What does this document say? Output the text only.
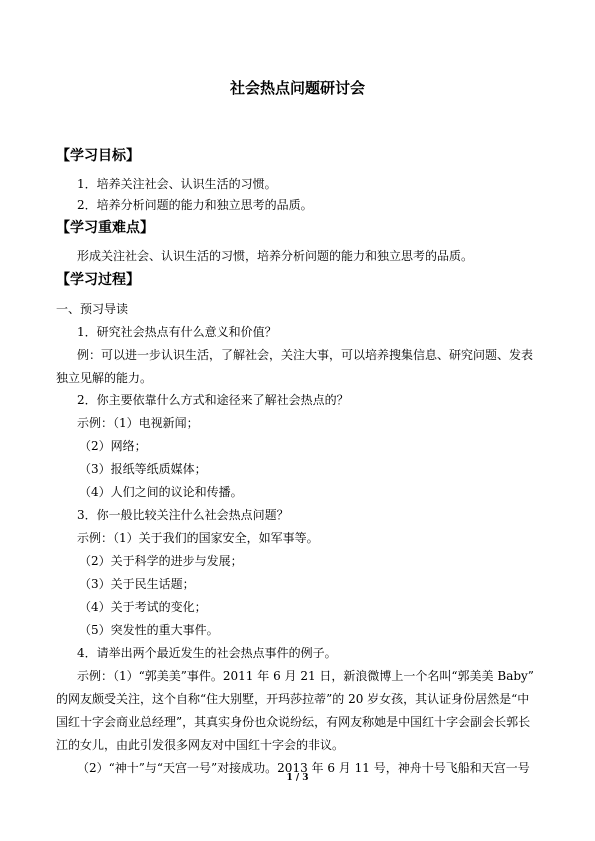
社会热点问题研讨会
【学习目标】
1．培养关注社会、认识生活的习惯。
2．培养分析问题的能力和独立思考的品质。
【学习重难点】
形成关注社会、认识生活的习惯，培养分析问题的能力和独立思考的品质。
【学习过程】
一、预习导读
1．研究社会热点有什么意义和价值？
例：可以进一步认识生活，了解社会，关注大事，可以培养搜集信息、研究问题、发表
独立见解的能力。
2．你主要依靠什么方式和途径来了解社会热点的？
示例：（1）电视新闻；
（2）网络；
（3）报纸等纸质媒体；
（4）人们之间的议论和传播。
3．你一般比较关注什么社会热点问题？
示例：（1）关于我们的国家安全，如军事等。
（2）关于科学的进步与发展；
（3）关于民生话题；
（4）关于考试的变化；
（5）突发性的重大事件。
4．请举出两个最近发生的社会热点事件的例子。
示例：（1）“郭美美”事件。2011 年 6 月 21 日，新浪微博上一个名叫“郭美美 Baby”
的网友颇受关注，这个自称“住大别墅，开玛莎拉蒂”的 20 岁女孩，其认证身份居然是“中
国红十字会商业总经理”，其真实身份也众说纷纭，有网友称她是中国红十字会副会长郭长
江的女儿，由此引发很多网友对中国红十字会的非议。
（2）“神十”与“天宫一号”对接成功。2013 年 6 月 11 号，神舟十号飞船和天宫一号
1 / 3
